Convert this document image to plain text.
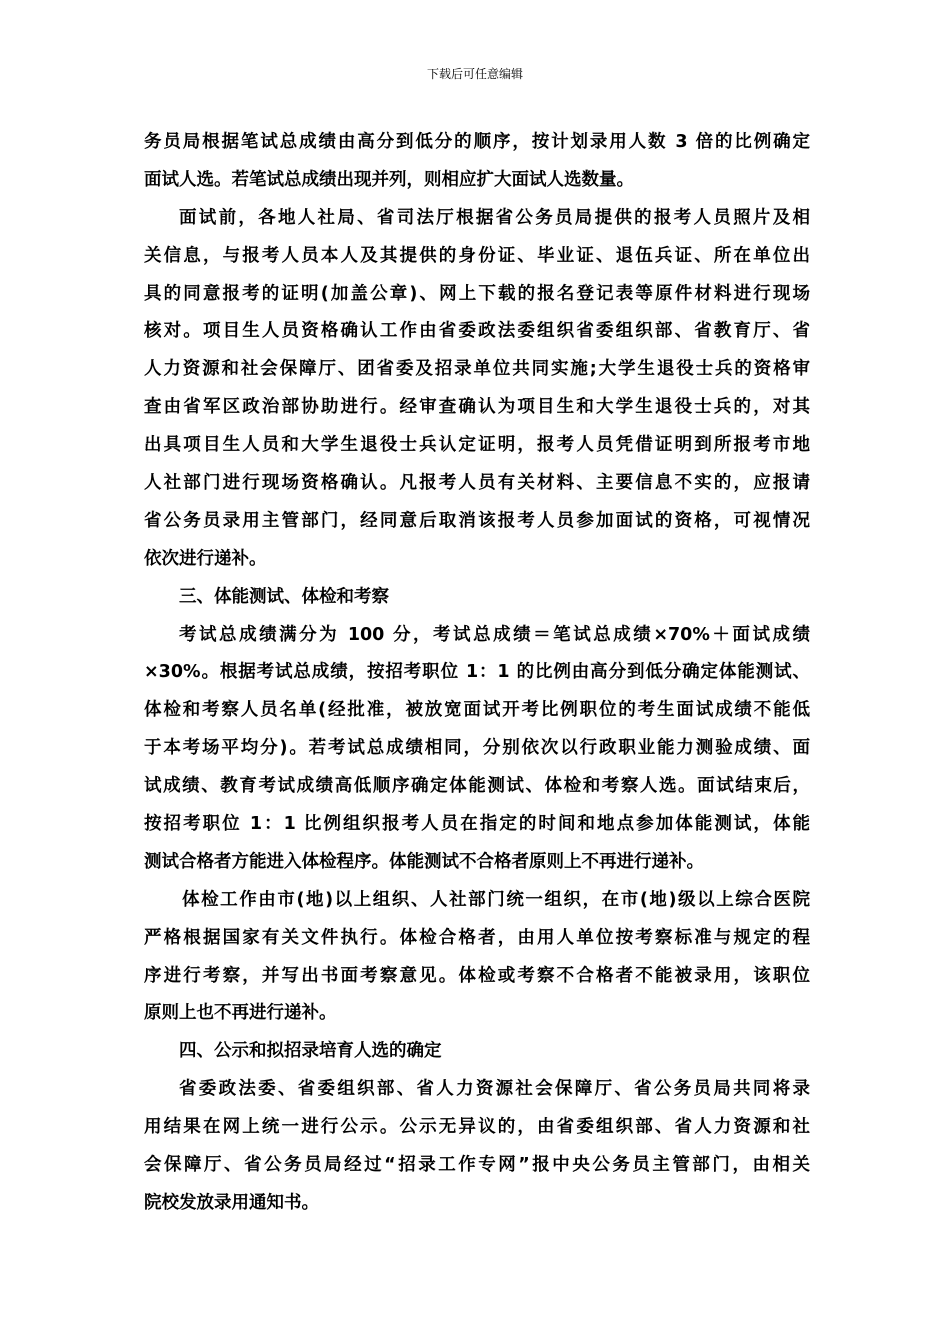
下载后可任意编辑
务员局根据笔试总成绩由高分到低分的顺序，按计划录用人数 3 倍的比例确定
面试人选。若笔试总成绩出现并列，则相应扩大面试人选数量。
面试前，各地人社局、省司法厅根据省公务员局提供的报考人员照片及相
关信息，与报考人员本人及其提供的身份证、毕业证、退伍兵证、所在单位出
具的同意报考的证明(加盖公章)、网上下载的报名登记表等原件材料进行现场
核对。项目生人员资格确认工作由省委政法委组织省委组织部、省教育厅、省
人力资源和社会保障厅、团省委及招录单位共同实施;大学生退役士兵的资格审
查由省军区政治部协助进行。经审查确认为项目生和大学生退役士兵的，对其
出具项目生人员和大学生退役士兵认定证明，报考人员凭借证明到所报考市地
人社部门进行现场资格确认。凡报考人员有关材料、主要信息不实的，应报请
省公务员录用主管部门，经同意后取消该报考人员参加面试的资格，可视情况
依次进行递补。
三、体能测试、体检和考察
考试总成绩满分为 100 分，考试总成绩＝笔试总成绩×70%＋面试成绩
×30%。根据考试总成绩，按招考职位 1：1 的比例由高分到低分确定体能测试、
体检和考察人员名单(经批准，被放宽面试开考比例职位的考生面试成绩不能低
于本考场平均分)。若考试总成绩相同，分别依次以行政职业能力测验成绩、面
试成绩、教育考试成绩高低顺序确定体能测试、体检和考察人选。面试结束后，
按招考职位 1：1 比例组织报考人员在指定的时间和地点参加体能测试，体能
测试合格者方能进入体检程序。体能测试不合格者原则上不再进行递补。
体检工作由市(地)以上组织、人社部门统一组织，在市(地)级以上综合医院
严格根据国家有关文件执行。体检合格者，由用人单位按考察标准与规定的程
序进行考察，并写出书面考察意见。体检或考察不合格者不能被录用，该职位
原则上也不再进行递补。
四、公示和拟招录培育人选的确定
省委政法委、省委组织部、省人力资源社会保障厅、省公务员局共同将录
用结果在网上统一进行公示。公示无异议的，由省委组织部、省人力资源和社
会保障厅、省公务员局经过“招录工作专网”报中央公务员主管部门，由相关
院校发放录用通知书。
